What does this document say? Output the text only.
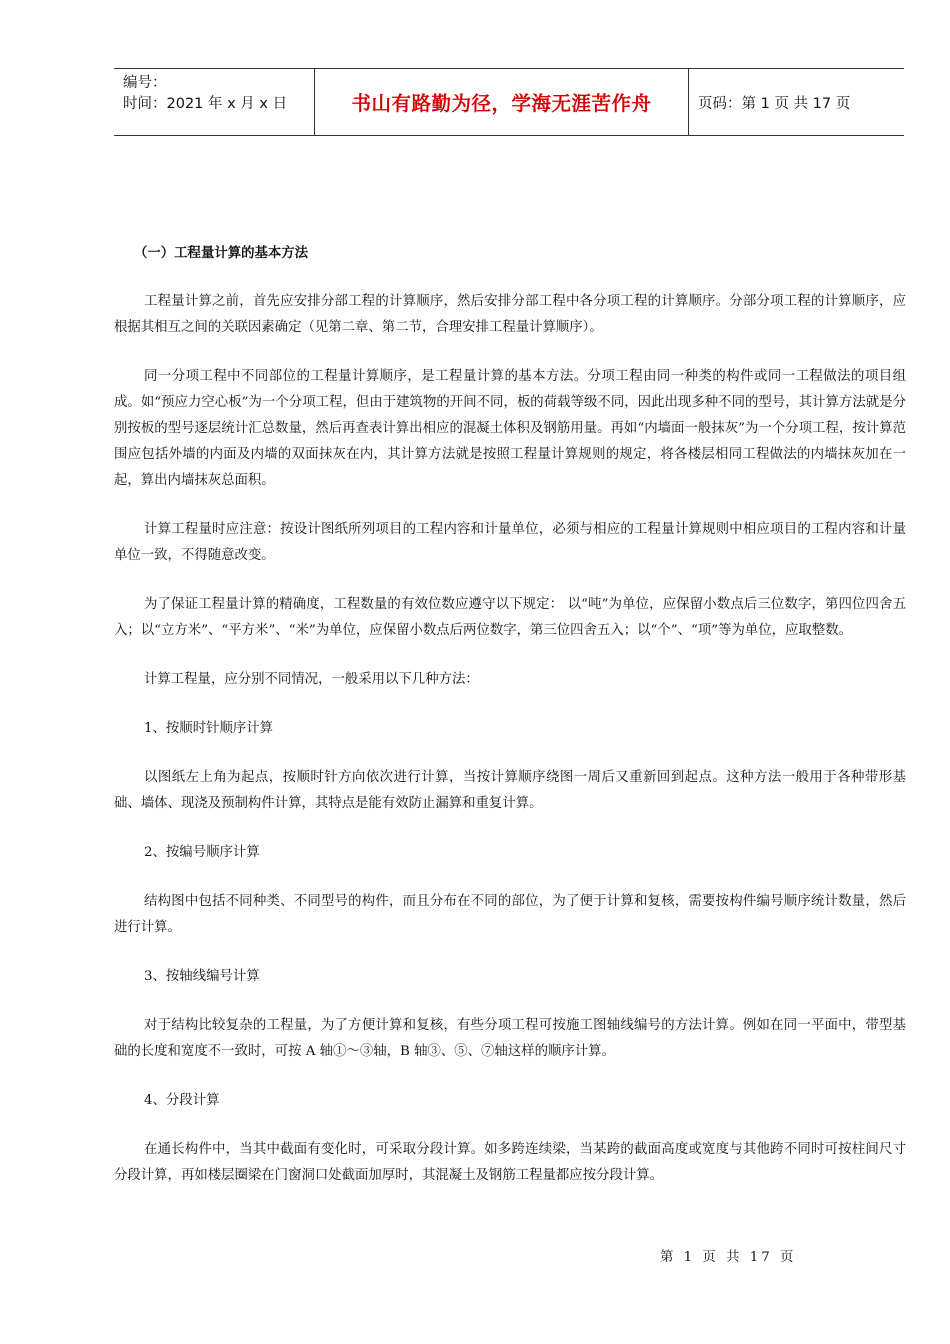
编号：
时间：2021 年 x 月 x 日	书山有路勤为径，学海无涯苦作舟	页码：第 1 页 共 17 页
（一）工程量计算的基本方法

工程量计算之前，首先应安排分部工程的计算顺序，然后安排分部工程中各分项工程的计算顺序。分部分项工程的计算顺序，应根据其相互之间的关联因素确定（见第二章、第二节，合理安排工程量计算顺序）。

同一分项工程中不同部位的工程量计算顺序，是工程量计算的基本方法。分项工程由同一种类的构件或同一工程做法的项目组成。如“预应力空心板”为一个分项工程，但由于建筑物的开间不同，板的荷载等级不同，因此出现多种不同的型号，其计算方法就是分别按板的型号逐层统计汇总数量，然后再查表计算出相应的混凝土体积及钢筋用量。再如“内墙面一般抹灰”为一个分项工程，按计算范围应包括外墙的内面及内墙的双面抹灰在内，其计算方法就是按照工程量计算规则的规定，将各楼层相同工程做法的内墙抹灰加在一起，算出内墙抹灰总面积。

计算工程量时应注意：按设计图纸所列项目的工程内容和计量单位，必须与相应的工程量计算规则中相应项目的工程内容和计量单位一致，不得随意改变。

为了保证工程量计算的精确度，工程数量的有效位数应遵守以下规定： 以“吨”为单位，应保留小数点后三位数字，第四位四舍五入；以“立方米”、“平方米”、“米”为单位，应保留小数点后两位数字，第三位四舍五入；以“个”、“项”等为单位，应取整数。

计算工程量，应分别不同情况，一般采用以下几种方法：

1、按顺时针顺序计算

以图纸左上角为起点，按顺时针方向依次进行计算，当按计算顺序绕图一周后又重新回到起点。这种方法一般用于各种带形基础、墙体、现浇及预制构件计算，其特点是能有效防止漏算和重复计算。

2、按编号顺序计算

结构图中包括不同种类、不同型号的构件，而且分布在不同的部位，为了便于计算和复核，需要按构件编号顺序统计数量，然后进行计算。

3、按轴线编号计算

对于结构比较复杂的工程量，为了方便计算和复核，有些分项工程可按施工图轴线编号的方法计算。例如在同一平面中，带型基础的长度和宽度不一致时，可按 A 轴①～③轴，B 轴③、⑤、⑦轴这样的顺序计算。

4、分段计算

在通长构件中，当其中截面有变化时，可采取分段计算。如多跨连续梁，当某跨的截面高度或宽度与其他跨不同时可按柱间尺寸分段计算，再如楼层圈梁在门窗洞口处截面加厚时，其混凝土及钢筋工程量都应按分段计算。

第 1 页 共 17 页
